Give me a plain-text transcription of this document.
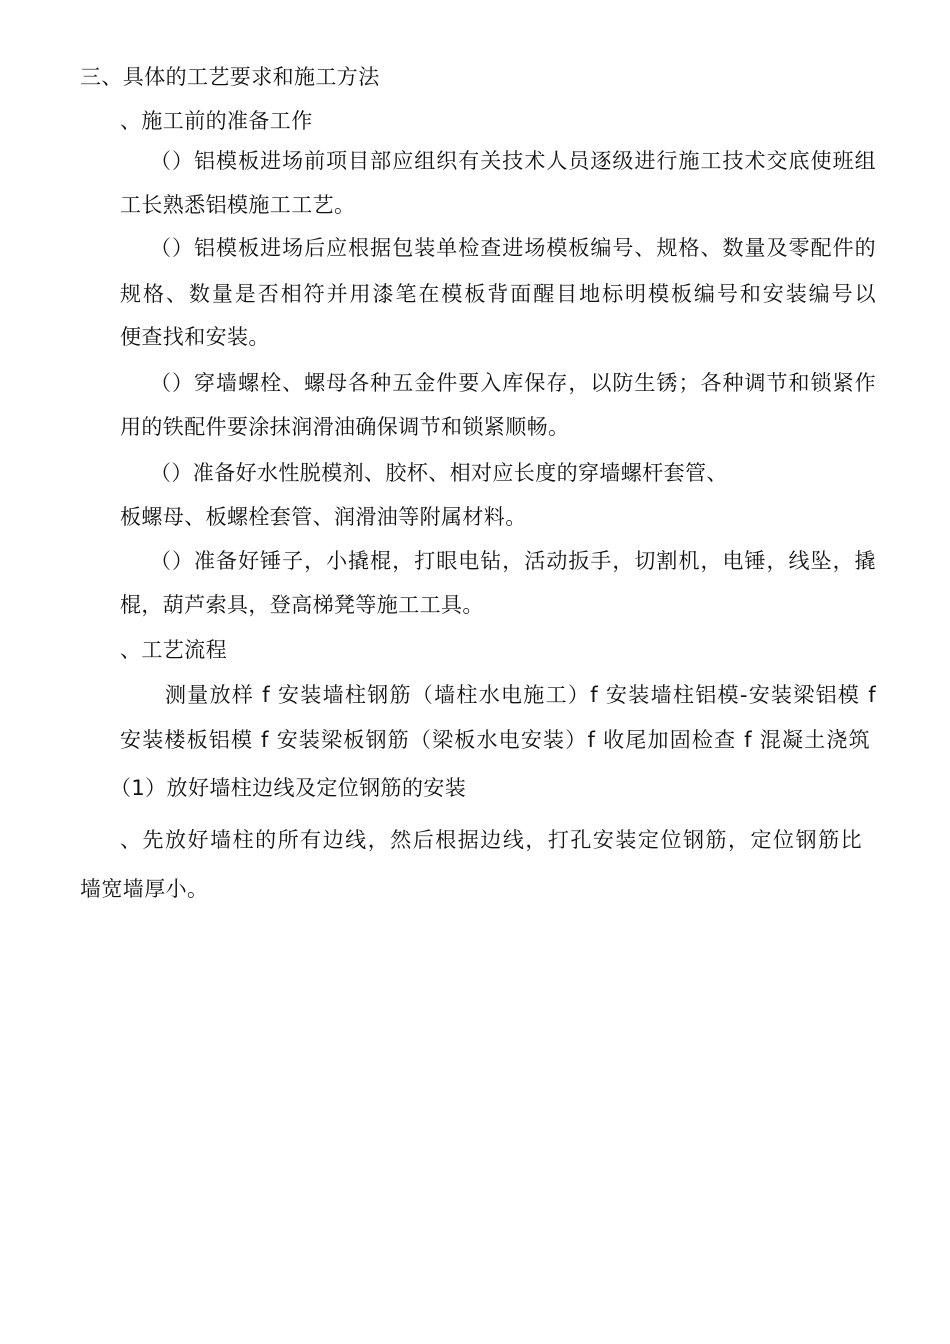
三、具体的工艺要求和施工方法
、施工前的准备工作
（）铝模板进场前项目部应组织有关技术人员逐级进行施工技术交底使班组
工长熟悉铝模施工工艺。
（）铝模板进场后应根据包装单检查进场模板编号、规格、数量及零配件的
规格、数量是否相符并用漆笔在模板背面醒目地标明模板编号和安装编号以
便查找和安装。
（）穿墙螺栓、螺母各种五金件要入库保存，以防生锈；各种调节和锁紧作
用的铁配件要涂抹润滑油确保调节和锁紧顺畅。
（）准备好水性脱模剂、胶杯、相对应长度的穿墙螺杆套管、
板螺母、板螺栓套管、润滑油等附属材料。
（）准备好锤子，小撬棍，打眼电钻，活动扳手，切割机，电锤，线坠，撬
棍，葫芦索具，登高梯凳等施工工具。
、工艺流程
测量放样 f 安装墙柱钢筋（墙柱水电施工）f 安装墙柱铝模-安装梁铝模 f
安装楼板铝模 f 安装梁板钢筋（梁板水电安装）f 收尾加固检查 f 混凝土浇筑
（1）放好墙柱边线及定位钢筋的安装
、先放好墙柱的所有边线，然后根据边线，打孔安装定位钢筋，定位钢筋比
墙宽墙厚小。
